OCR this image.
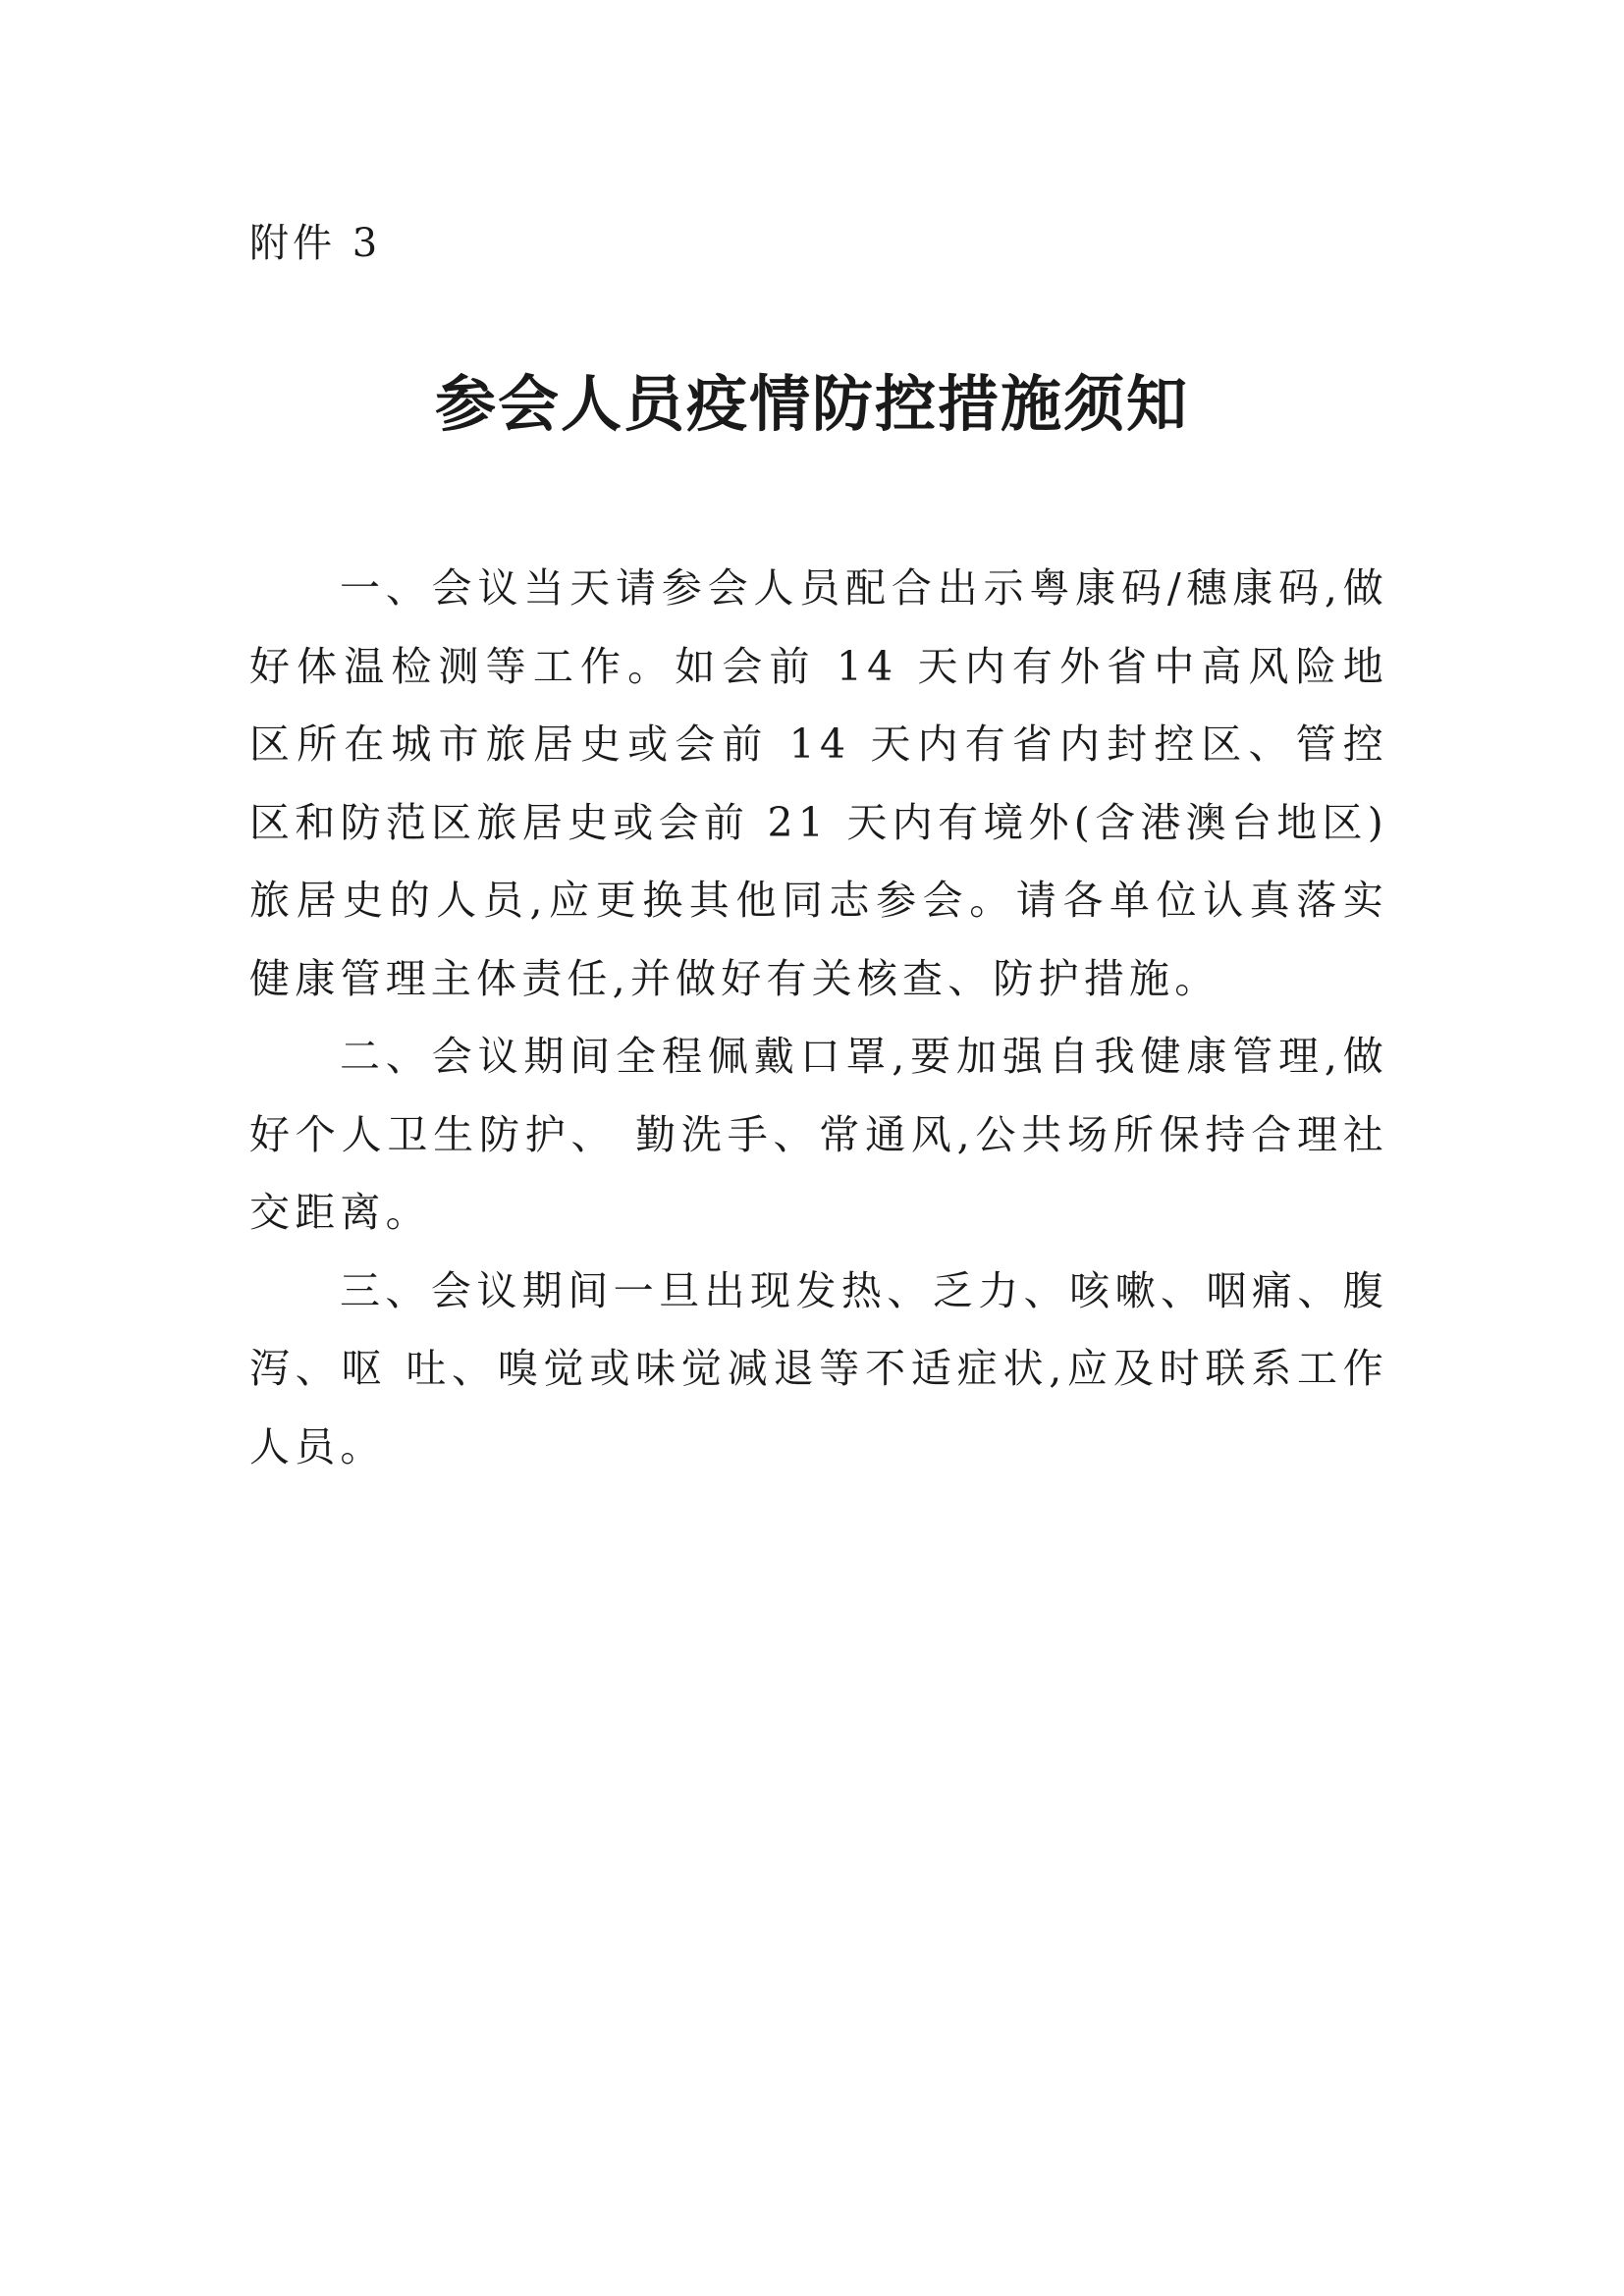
附件 3
参会人员疫情防控措施须知

一、会议当天请参会人员配合出示粤康码/穗康码,做好体温检测等工作。如会前 14 天内有外省中高风险地区所在城市旅居史或会前 14 天内有省内封控区、管控区和防范区旅居史或会前 21 天内有境外(含港澳台地区)旅居史的人员,应更换其他同志参会。请各单位认真落实健康管理主体责任,并做好有关核查、防护措施。

二、会议期间全程佩戴口罩,要加强自我健康管理,做好个人卫生防护、 勤洗手、常通风,公共场所保持合理社交距离。

三、会议期间一旦出现发热、乏力、咳嗽、咽痛、腹泻、呕 吐、嗅觉或味觉减退等不适症状,应及时联系工作人员。
